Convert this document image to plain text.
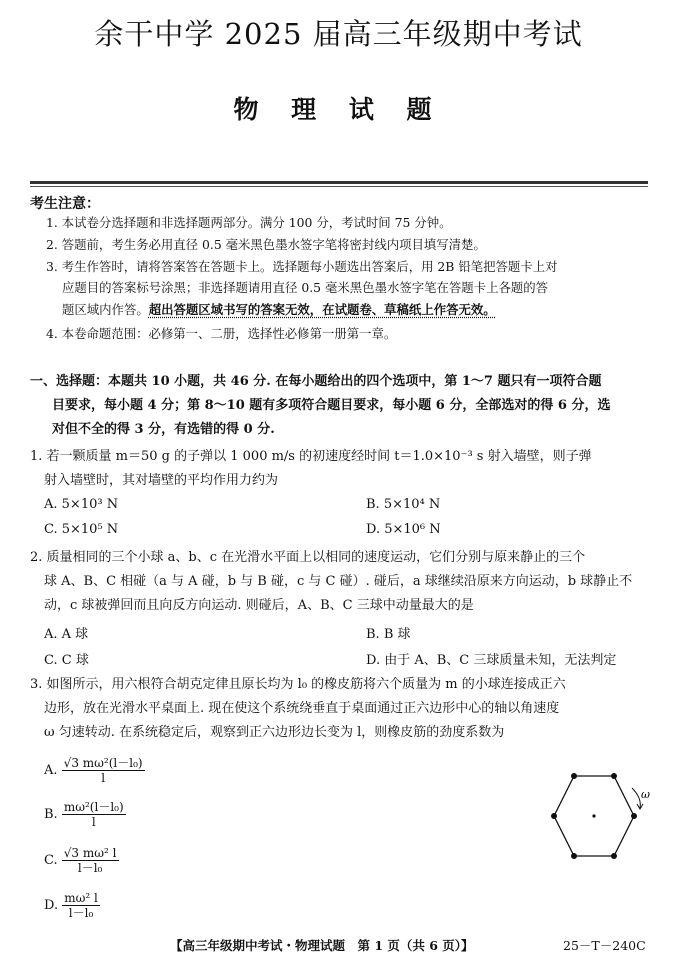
余干中学 2025 届高三年级期中考试
物 理 试 题
考生注意：
1. 本试卷分选择题和非选择题两部分。满分 100 分，考试时间 75 分钟。
2. 答题前，考生务必用直径 0.5 毫米黑色墨水签字笔将密封线内项目填写清楚。
3. 考生作答时，请将答案答在答题卡上。选择题每小题选出答案后，用 2B 铅笔把答题卡上对
应题目的答案标号涂黑；非选择题请用直径 0.5 毫米黑色墨水签字笔在答题卡上各题的答
题区域内作答。超出答题区域书写的答案无效，在试题卷、草稿纸上作答无效。
4. 本卷命题范围：必修第一、二册，选择性必修第一册第一章。
一、选择题：本题共 10 小题，共 46 分. 在每小题给出的四个选项中，第 1～7 题只有一项符合题
目要求，每小题 4 分；第 8～10 题有多项符合题目要求，每小题 6 分，全部选对的得 6 分，选
对但不全的得 3 分，有选错的得 0 分.
1. 若一颗质量 m＝50 g 的子弹以 1 000 m/s 的初速度经时间 t＝1.0×10⁻³ s 射入墙壁，则子弹
射入墙壁时，其对墙壁的平均作用力约为
A. 5×10³ N	B. 5×10⁴ N
C. 5×10⁵ N	D. 5×10⁶ N
2. 质量相同的三个小球 a、b、c 在光滑水平面上以相同的速度运动，它们分别与原来静止的三个
球 A、B、C 相碰（a 与 A 碰，b 与 B 碰，c 与 C 碰）. 碰后，a 球继续沿原来方向运动，b 球静止不
动，c 球被弹回而且向反方向运动. 则碰后，A、B、C 三球中动量最大的是
A. A 球	B. B 球
C. C 球	D. 由于 A、B、C 三球质量未知，无法判定
3. 如图所示，用六根符合胡克定律且原长均为 l₀ 的橡皮筋将六个质量为 m 的小球连接成正六
边形，放在光滑水平桌面上. 现在使这个系统绕垂直于桌面通过正六边形中心的轴以角速度
ω 匀速转动. 在系统稳定后，观察到正六边形边长变为 l，则橡皮筋的劲度系数为
A. $\frac{\text{√3 mω²(l－l₀)}}{l}$
B. $\frac{\text{mω²(l－l₀)}}{l}$
C. $\frac{\text{√3 mω² l}}{\text{l－l₀}}$
D. $\frac{\text{mω² l}}{\text{l－l₀}}$
ω
【高三年级期中考试・物理试题　第 1 页（共 6 页）】	25－T－240C
